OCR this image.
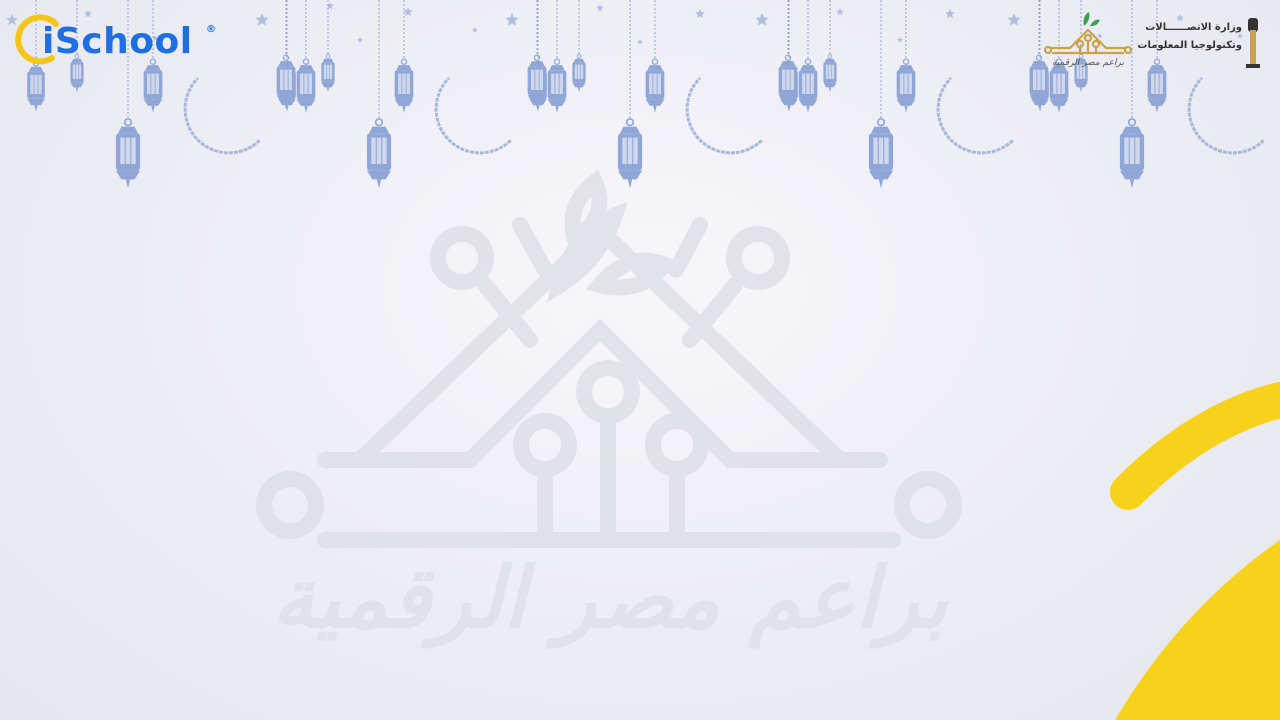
براعم مصر الرقمية
iSchool ®
براعم مصر الرقمية
وزارة الاتصــــــالات
وتكنولوجيا المعلومات
